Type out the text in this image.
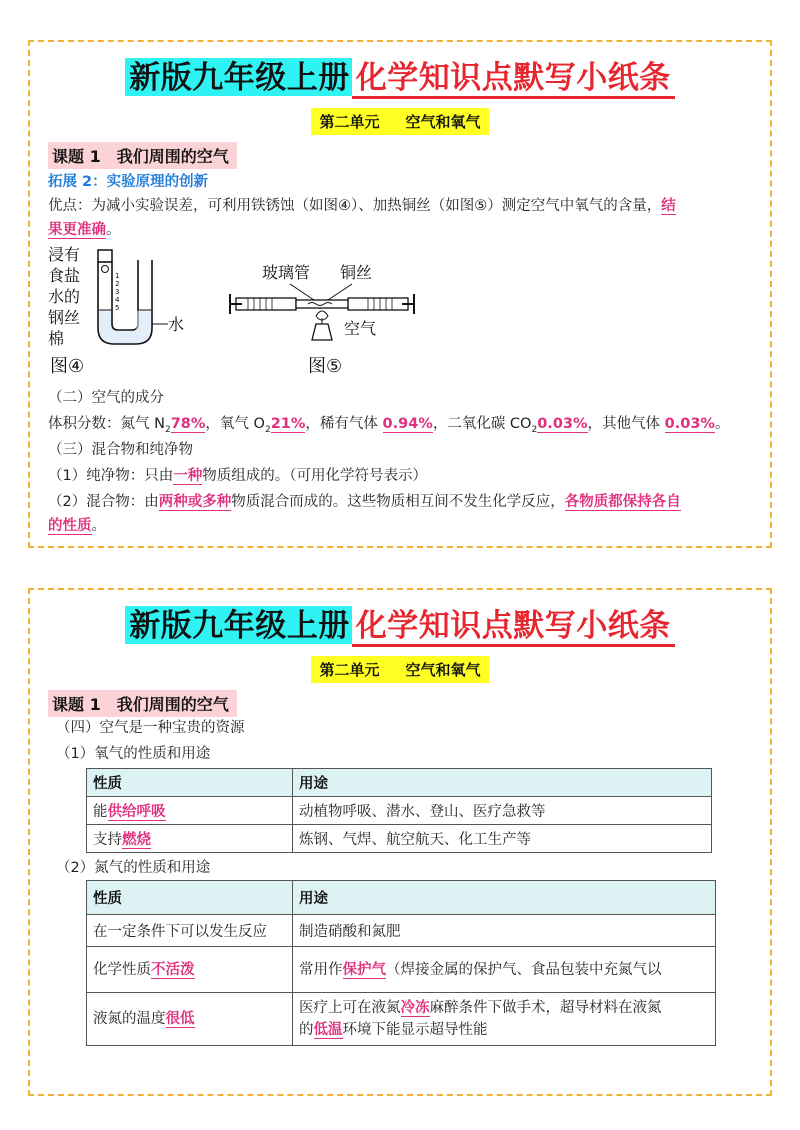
新版九年级上册 化学知识点默写小纸条
第二单元 空气和氧气
课题 1 我们周围的空气
拓展 2：实验原理的创新
优点：为减小实验误差，可利用铁锈蚀（如图④）、加热铜丝（如图⑤）测定空气中氧气的含量，结
果更准确。
浸有
食盐
水的
钢丝
棉
1
2
3
4
5
水
图④
玻璃管 铜丝
空气
图⑤
（二）空气的成分
体积分数：氮气 $N_278\%$，氧气 $O_221\%$，稀有气体 0.94%，二氧化碳 $CO_20.03\%$，其他气体 0.03%。
（三）混合物和纯净物
（1）纯净物：只由一种物质组成的。（可用化学符号表示）
（2）混合物：由两种或多种物质混合而成的。这些物质相互间不发生化学反应，各物质都保持各自
的性质。
新版九年级上册 化学知识点默写小纸条
第二单元 空气和氧气
课题 1 我们周围的空气
（四）空气是一种宝贵的资源
（1）氧气的性质和用途
性质	用途
能供给呼吸	动植物呼吸、潜水、登山、医疗急救等
支持燃烧	炼钢、气焊、航空航天、化工生产等
（2）氮气的性质和用途
性质	用途
在一定条件下可以发生反应	制造硝酸和氮肥
化学性质不活泼	常用作保护气（焊接金属的保护气、食品包装中充氮气以

液氮的温度很低	医疗上可在液氮冷冻麻醉条件下做手术，超导材料在液氮
的低温环境下能显示超导性能
